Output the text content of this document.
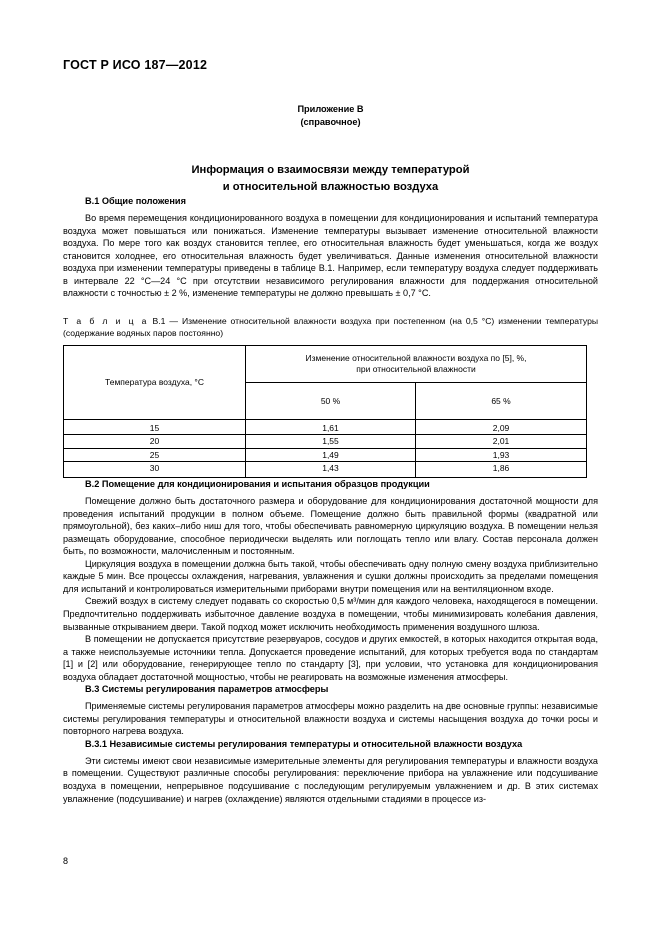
ГОСТ Р ИСО 187—2012
Приложение В
(справочное)
Информация о взаимосвязи между температурой
и относительной влажностью воздуха
В.1 Общие положения

Во время перемещения кондиционированного воздуха в помещении для кондиционирования и испытаний температура воздуха может повышаться или понижаться. Изменение температуры вызывает изменение относительной влажности воздуха. По мере того как воздух становится теплее, его относительная влажность будет уменьшаться, когда же воздух становится холоднее, его относительная влажность будет увеличиваться. Данные изменения относительной влажности воздуха при изменении температуры приведены в таблице В.1. Например, если температуру воздуха следует поддерживать в интервале 22 °С—24 °С при отсутствии независимого регулирования влажности для поддержания относительной влажности с точностью ± 2 %, изменение температуры не должно превышать ± 0,7 °С.

Т а б л и ц а В.1 — Изменение относительной влажности воздуха при постепенном (на 0,5 °С) изменении температуры (содержание водяных паров постоянно)
Температура воздуха, °С	Изменение относительной влажности воздуха по [5], %,
при относительной влажности	

	50 %	65 %
15	1,61	2,09
20	1,55	2,01
25	1,49	1,93
30	1,43	1,86
В.2 Помещение для кондиционирования и испытания образцов продукции

Помещение должно быть достаточного размера и оборудование для кондиционирования достаточной мощности для проведения испытаний продукции в полном объеме. Помещение должно быть правильной формы (квадратной или прямоугольной), без каких–либо ниш для того, чтобы обеспечивать равномерную циркуляцию воздуха. В помещении нельзя размещать оборудование, способное периодически выделять или поглощать тепло или влагу. Состав персонала должен быть, по возможности, малочисленным и постоянным.

Циркуляция воздуха в помещении должна быть такой, чтобы обеспечивать одну полную смену воздуха приблизительно каждые 5 мин. Все процессы охлаждения, нагревания, увлажнения и сушки должны происходить за пределами помещения для испытаний и контролироваться измерительными приборами внутри помещения или на вентиляционном входе.

Свежий воздух в систему следует подавать со скоростью 0,5 м³/мин для каждого человека, находящегося в помещении. Предпочтительно поддерживать избыточное давление воздуха в помещении, чтобы минимизировать колебания давления, вызванные открыванием двери. Такой подход может исключить необходимость применения воздушного шлюза.

В помещении не допускается присутствие резервуаров, сосудов и других емкостей, в которых находится открытая вода, а также неиспользуемые источники тепла. Допускается проведение испытаний, для которых требуется вода по стандартам [1] и [2] или оборудование, генерирующее тепло по стандарту [3], при условии, что установка для кондиционирования воздуха обладает достаточной мощностью, чтобы не реагировать на возможные изменения атмосферы.

В.3 Системы регулирования параметров атмосферы

Применяемые системы регулирования параметров атмосферы можно разделить на две основные группы: независимые системы регулирования температуры и относительной влажности воздуха и системы насыщения воздуха до точки росы и повторного нагрева воздуха.

В.3.1 Независимые системы регулирования температуры и относительной влажности воздуха

Эти системы имеют свои независимые измерительные элементы для регулирования температуры и влажности воздуха в помещении. Существуют различные способы регулирования: переключение прибора на увлажнение или подсушивание воздуха в помещении, непрерывное подсушивание с последующим регулируемым увлажнением и др. В этих системах увлажнение (подсушивание) и нагрев (охлаждение) являются отдельными стадиями в процессе из-

8
